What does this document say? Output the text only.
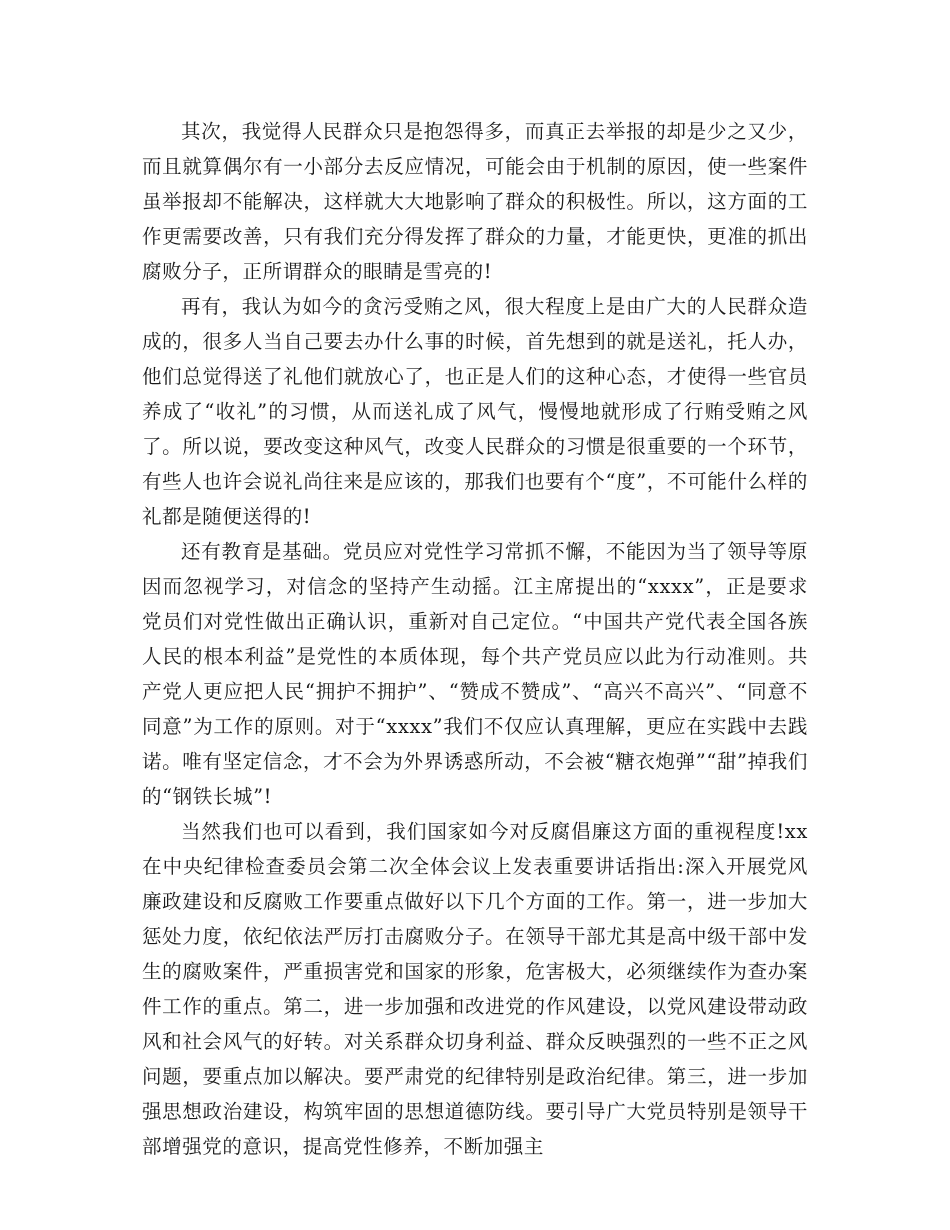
其次，我觉得人民群众只是抱怨得多，而真正去举报的却是少之又少，而且就算偶尔有一小部分去反应情况，可能会由于机制的原因，使一些案件虽举报却不能解决，这样就大大地影响了群众的积极性。所以，这方面的工作更需要改善，只有我们充分得发挥了群众的力量，才能更快，更准的抓出腐败分子，正所谓群众的眼睛是雪亮的!

再有，我认为如今的贪污受贿之风，很大程度上是由广大的人民群众造成的，很多人当自己要去办什么事的时候，首先想到的就是送礼，托人办，他们总觉得送了礼他们就放心了，也正是人们的这种心态，才使得一些官员养成了“收礼”的习惯，从而送礼成了风气，慢慢地就形成了行贿受贿之风了。所以说，要改变这种风气，改变人民群众的习惯是很重要的一个环节，有些人也许会说礼尚往来是应该的，那我们也要有个“度”，不可能什么样的礼都是随便送得的!

还有教育是基础。党员应对党性学习常抓不懈，不能因为当了领导等原因而忽视学习，对信念的坚持产生动摇。江主席提出的“xxxx”，正是要求党员们对党性做出正确认识，重新对自己定位。“中国共产党代表全国各族人民的根本利益”是党性的本质体现，每个共产党员应以此为行动准则。共产党人更应把人民“拥护不拥护”、“赞成不赞成”、“高兴不高兴”、“同意不同意”为工作的原则。对于“xxxx”我们不仅应认真理解，更应在实践中去践诺。唯有坚定信念，才不会为外界诱惑所动，不会被“糖衣炮弹”“甜”掉我们的“钢铁长城”!

当然我们也可以看到，我们国家如今对反腐倡廉这方面的重视程度!xx在中央纪律检查委员会第二次全体会议上发表重要讲话指出:深入开展党风廉政建设和反腐败工作要重点做好以下几个方面的工作。第一，进一步加大惩处力度，依纪依法严厉打击腐败分子。在领导干部尤其是高中级干部中发生的腐败案件，严重损害党和国家的形象，危害极大，必须继续作为查办案件工作的重点。第二，进一步加强和改进党的作风建设，以党风建设带动政风和社会风气的好转。对关系群众切身利益、群众反映强烈的一些不正之风问题，要重点加以解决。要严肃党的纪律特别是政治纪律。第三，进一步加强思想政治建设，构筑牢固的思想道德防线。要引导广大党员特别是领导干部增强党的意识，提高党性修养，不断加强主
